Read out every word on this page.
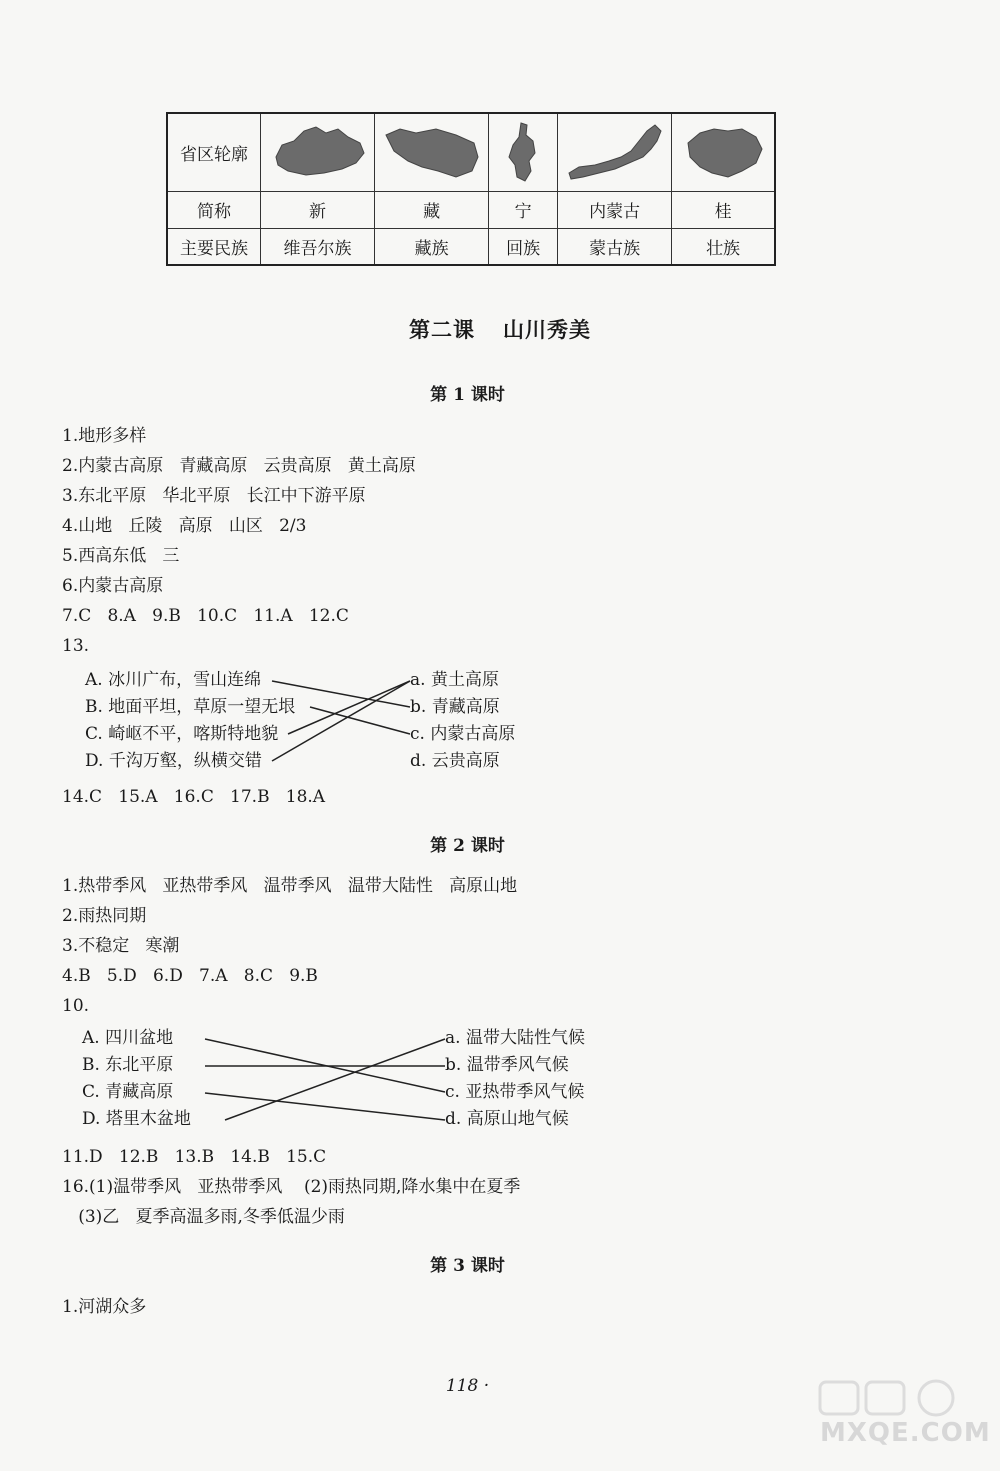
省区轮廓	

简称	新	藏	宁	内蒙古	桂
主要民族	维吾尔族	藏族	回族	蒙古族	壮族
第二课 山川秀美
第 1 课时
1.地形多样
2.内蒙古高原   青藏高原   云贵高原   黄土高原
3.东北平原   华北平原   长江中下游平原
4.山地   丘陵   高原   山区   2/3
5.西高东低   三
6.内蒙古高原
7.C   8.A   9.B   10.C   11.A   12.C
13.
A. 冰川广布，雪山连绵
B. 地面平坦，草原一望无垠
C. 崎岖不平，喀斯特地貌
D. 千沟万壑，纵横交错
a. 黄土高原
b. 青藏高原
c. 内蒙古高原
d. 云贵高原
14.C   15.A   16.C   17.B   18.A
第 2 课时
1.热带季风   亚热带季风   温带季风   温带大陆性   高原山地
2.雨热同期
3.不稳定   寒潮
4.B   5.D   6.D   7.A   8.C   9.B
10.
A. 四川盆地
B. 东北平原
C. 青藏高原
D. 塔里木盆地
a. 温带大陆性气候
b. 温带季风气候
c. 亚热带季风气候
d. 高原山地气候
11.D   12.B   13.B   14.B   15.C
16.(1)温带季风   亚热带季风    (2)雨热同期,降水集中在夏季
(3)乙   夏季高温多雨,冬季低温少雨
第 3 课时
1.河湖众多
118 ·
MXQE.COM
